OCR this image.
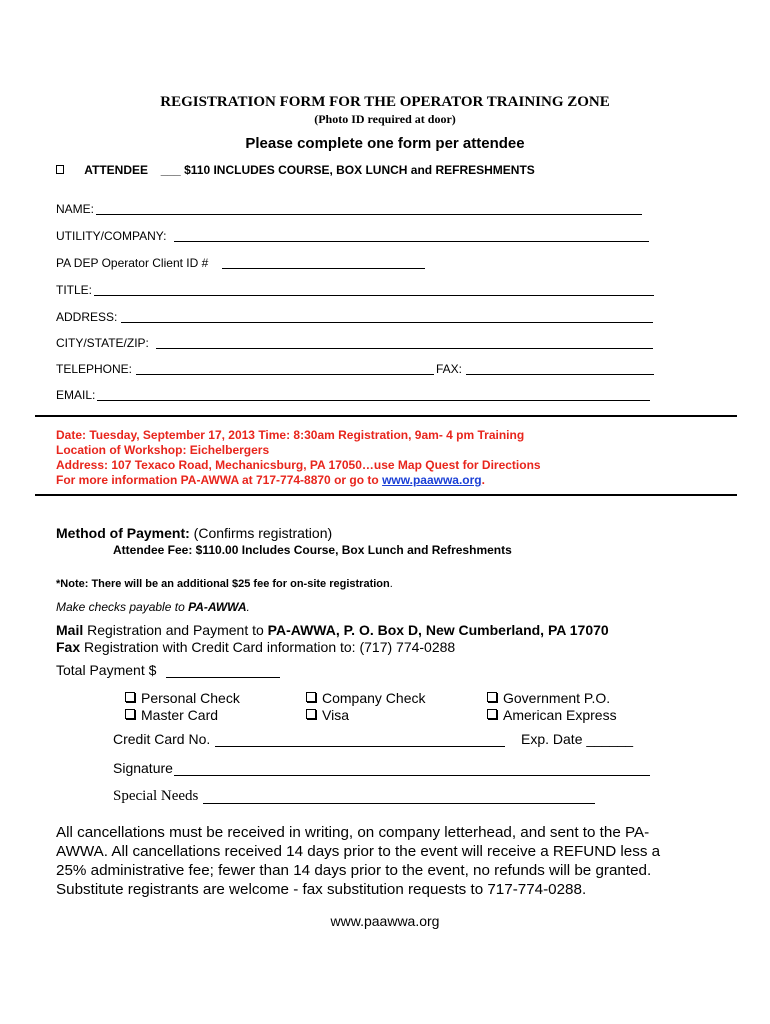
REGISTRATION FORM FOR THE OPERATOR TRAINING ZONE
(Photo ID required at door)
Please complete one form per attendee
ATTENDEE ___ $110 INCLUDES COURSE, BOX LUNCH and REFRESHMENTS
NAME:
UTILITY/COMPANY:
PA DEP Operator Client ID #
TITLE:
ADDRESS:
CITY/STATE/ZIP:
TELEPHONE:	FAX:
EMAIL:
Date: Tuesday, September 17, 2013 Time: 8:30am Registration, 9am- 4 pm Training
Location of Workshop: Eichelbergers
Address: 107 Texaco Road, Mechanicsburg, PA 17050…use Map Quest for Directions
For more information PA-AWWA at 717-774-8870 or go to www.paawwa.org.
Method of Payment: (Confirms registration)
Attendee Fee: $110.00 Includes Course, Box Lunch and Refreshments
*Note: There will be an additional $25 fee for on-site registration.
Make checks payable to PA-AWWA.
Mail Registration and Payment to PA-AWWA, P. O. Box D, New Cumberland, PA 17070
Fax Registration with Credit Card information to: (717) 774-0288
Total Payment $
Personal Check	Company Check	Government P.O.
Master Card	Visa	American Express
Credit Card No.	Exp. Date ______
Signature
Special Needs
All cancellations must be received in writing, on company letterhead, and sent to the PA-AWWA. All cancellations received 14 days prior to the event will receive a REFUND less a 25% administrative fee; fewer than 14 days prior to the event, no refunds will be granted. Substitute registrants are welcome - fax substitution requests to 717-774-0288.
www.paawwa.org
